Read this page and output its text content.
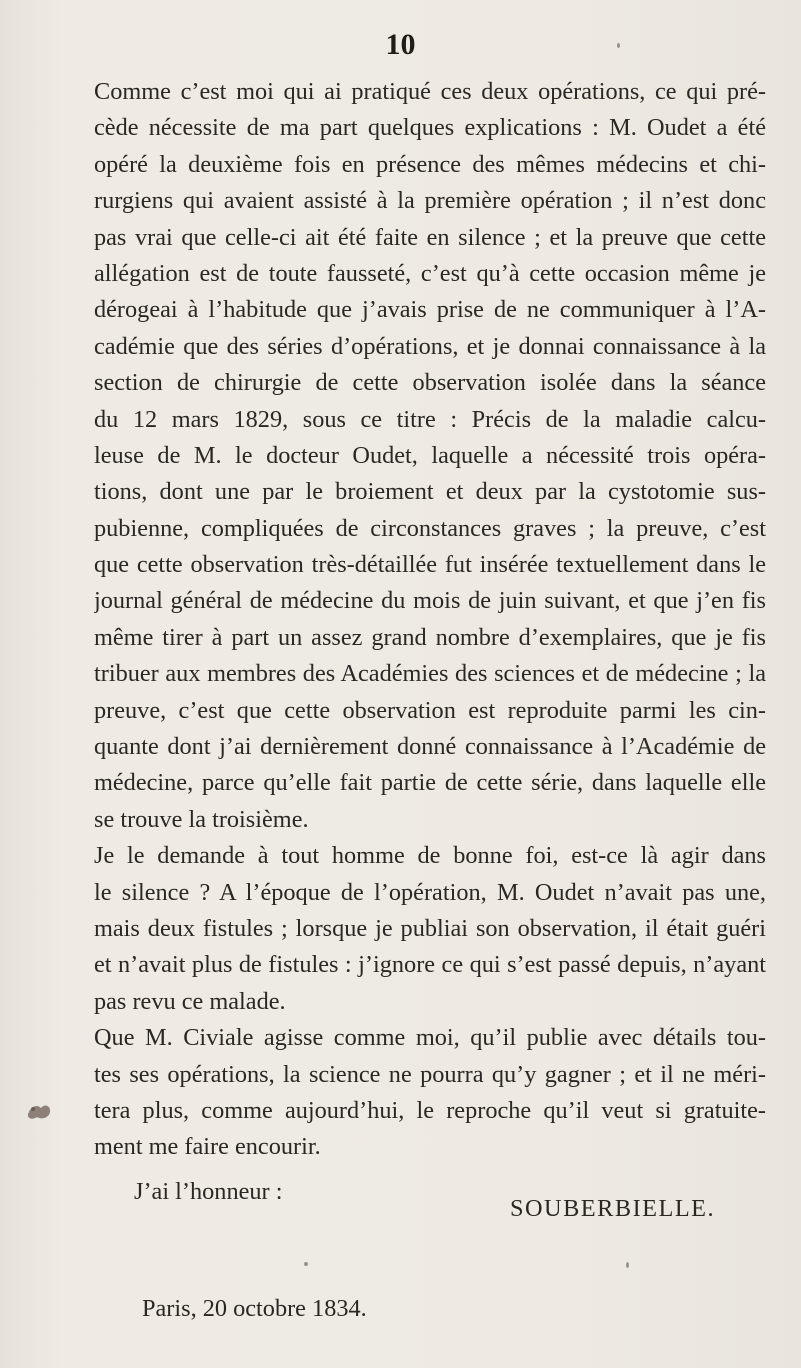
10
Comme c’est moi qui ai pratiqué ces deux opérations, ce qui pré-
cède nécessite de ma part quelques explications : M. Oudet a été
opéré la deuxième fois en présence des mêmes médecins et chi-
rurgiens qui avaient assisté à la première opération ; il n’est donc
pas vrai que celle-ci ait été faite en silence ; et la preuve que cette
allégation est de toute fausseté, c’est qu’à cette occasion même je
dérogeai à l’habitude que j’avais prise de ne communiquer à l’A-
cadémie que des séries d’opérations, et je donnai connaissance à la
section de chirurgie de cette observation isolée dans la séance
du 12 mars 1829, sous ce titre : Précis de la maladie calcu-
leuse de M. le docteur Oudet, laquelle a nécessité trois opéra-
tions, dont une par le broiement et deux par la cystotomie sus-
pubienne, compliquées de circonstances graves ; la preuve, c’est
que cette observation très-détaillée fut insérée textuellement dans le
journal général de médecine du mois de juin suivant, et que j’en fis
même tirer à part un assez grand nombre d’exemplaires, que je fis
tribuer aux membres des Académies des sciences et de médecine ; la
preuve, c’est que cette observation est reproduite parmi les cin-
quante dont j’ai dernièrement donné connaissance à l’Académie de
médecine, parce qu’elle fait partie de cette série, dans laquelle elle
se trouve la troisième.
Je le demande à tout homme de bonne foi, est-ce là agir dans
le silence ? A l’époque de l’opération, M. Oudet n’avait pas une,
mais deux fistules ; lorsque je publiai son observation, il était guéri
et n’avait plus de fistules : j’ignore ce qui s’est passé depuis, n’ayant
pas revu ce malade.
Que M. Civiale agisse comme moi, qu’il publie avec détails tou-
tes ses opérations, la science ne pourra qu’y gagner ; et il ne méri-
tera plus, comme aujourd’hui, le reproche qu’il veut si gratuite-
ment me faire encourir.
J’ai l’honneur :
SOUBERBIELLE.
Paris, 20 octobre 1834.
